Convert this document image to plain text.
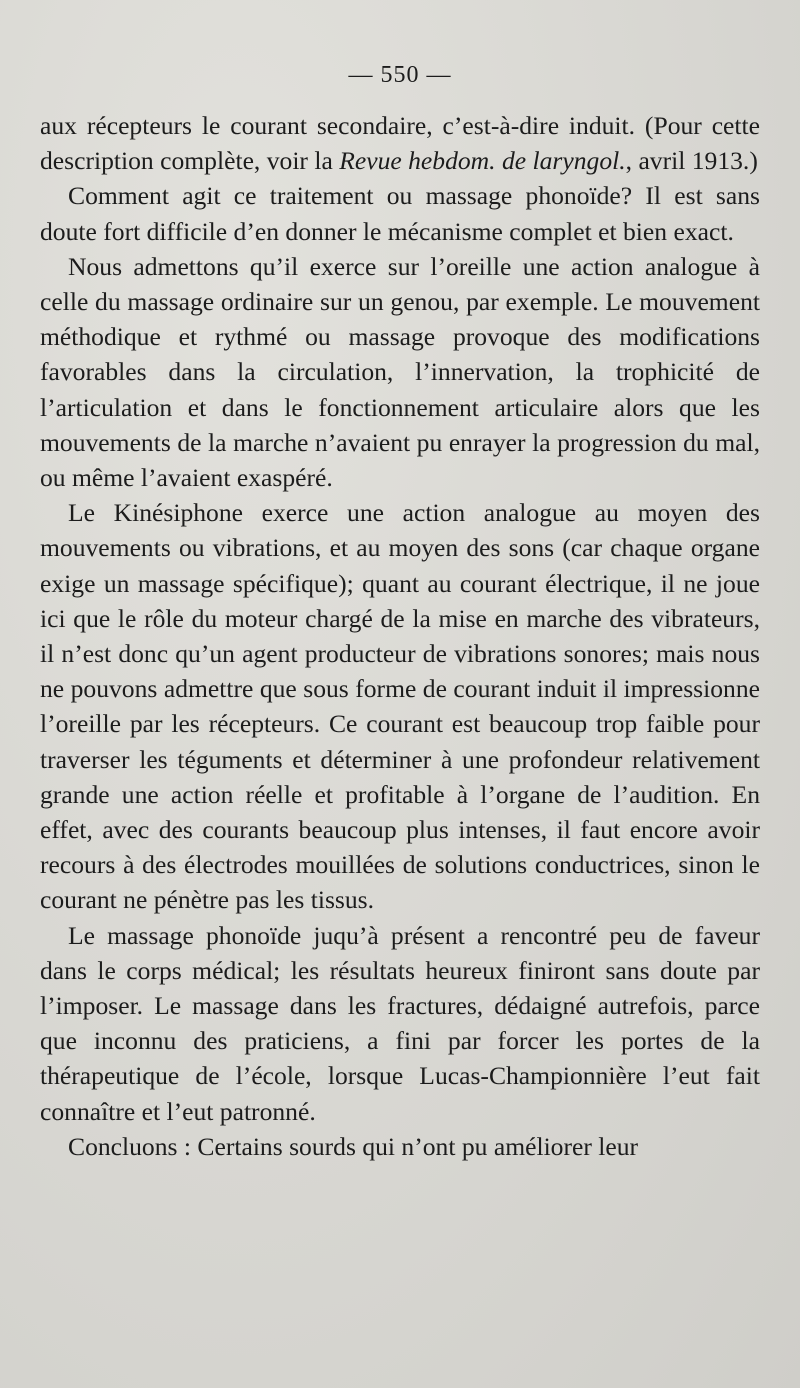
— 550 —

aux récepteurs le courant secondaire, c’est-à-dire induit. (Pour cette description complète, voir la Revue hebdom. de laryngol., avril 1913.)

Comment agit ce traitement ou massage phonoïde? Il est sans doute fort difficile d’en donner le mécanisme complet et bien exact.

Nous admettons qu’il exerce sur l’oreille une action analogue à celle du massage ordinaire sur un genou, par exemple. Le mouvement méthodique et rythmé ou massage provoque des modifications favorables dans la circulation, l’innervation, la trophicité de l’articulation et dans le fonctionnement articulaire alors que les mouvements de la marche n’avaient pu enrayer la progression du mal, ou même l’avaient exaspéré.

Le Kinésiphone exerce une action analogue au moyen des mouvements ou vibrations, et au moyen des sons (car chaque organe exige un massage spécifique); quant au courant électrique, il ne joue ici que le rôle du moteur chargé de la mise en marche des vibrateurs, il n’est donc qu’un agent producteur de vibrations sonores; mais nous ne pouvons admettre que sous forme de courant induit il impressionne l’oreille par les récepteurs. Ce courant est beaucoup trop faible pour traverser les téguments et déterminer à une profondeur relativement grande une action réelle et profitable à l’organe de l’audition. En effet, avec des courants beaucoup plus intenses, il faut encore avoir recours à des électrodes mouillées de solutions conductrices, sinon le courant ne pénètre pas les tissus.

Le massage phonoïde juqu’à présent a rencontré peu de faveur dans le corps médical; les résultats heureux finiront sans doute par l’imposer. Le massage dans les fractures, dédaigné autrefois, parce que inconnu des praticiens, a fini par forcer les portes de la thérapeutique de l’école, lorsque Lucas-Championnière l’eut fait connaître et l’eut patronné.

Concluons : Certains sourds qui n’ont pu améliorer leur
